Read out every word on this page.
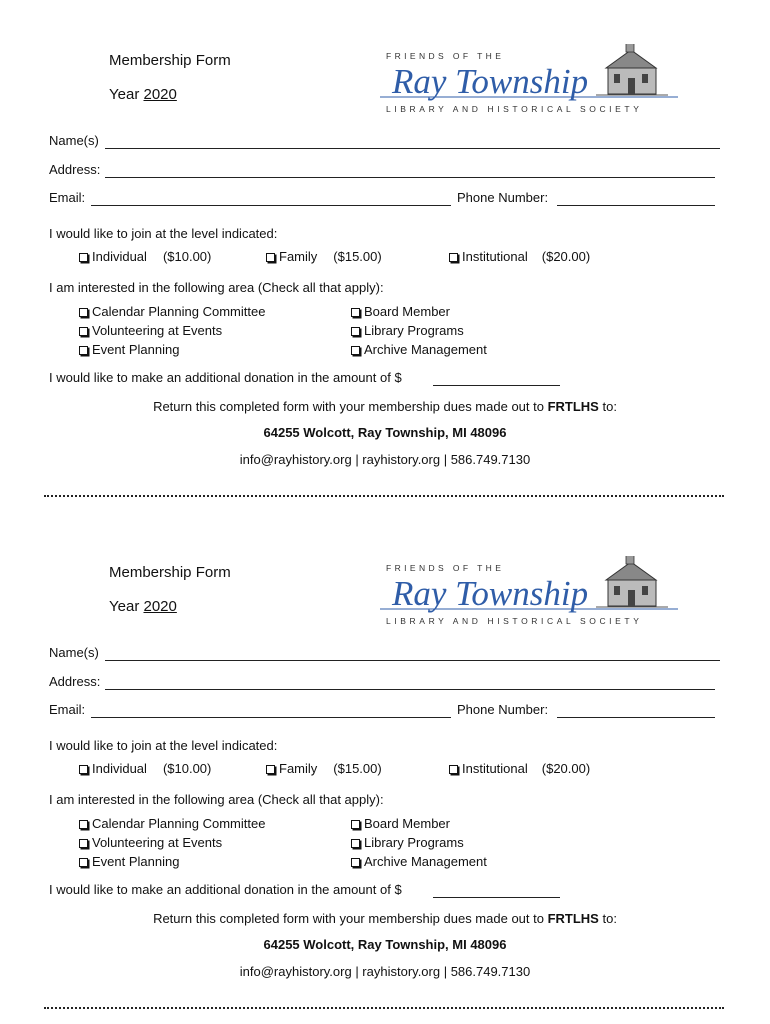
Membership Form
Year 2020
FRIENDS OF THE
Ray Township
LIBRARY AND HISTORICAL SOCIETY
Name(s)
Address:
Email:	Phone Number:
I would like to join at the level indicated:
Individual ($10.00)	Family ($15.00)	Institutional ($20.00)
I am interested in the following area (Check all that apply):
Calendar Planning Committee
Volunteering at Events
Event Planning
Board Member
Library Programs
Archive Management
I would like to make an additional donation in the amount of $
Return this completed form with your membership dues made out to FRTLHS to:
64255 Wolcott, Ray Township, MI 48096
info@rayhistory.org | rayhistory.org | 586.749.7130
Membership Form
Year 2020
FRIENDS OF THE
Ray Township
LIBRARY AND HISTORICAL SOCIETY
Name(s)
Address:
Email:	Phone Number:
I would like to join at the level indicated:
Individual ($10.00)	Family ($15.00)	Institutional ($20.00)
I am interested in the following area (Check all that apply):
Calendar Planning Committee
Volunteering at Events
Event Planning
Board Member
Library Programs
Archive Management
I would like to make an additional donation in the amount of $
Return this completed form with your membership dues made out to FRTLHS to:
64255 Wolcott, Ray Township, MI 48096
info@rayhistory.org | rayhistory.org | 586.749.7130
